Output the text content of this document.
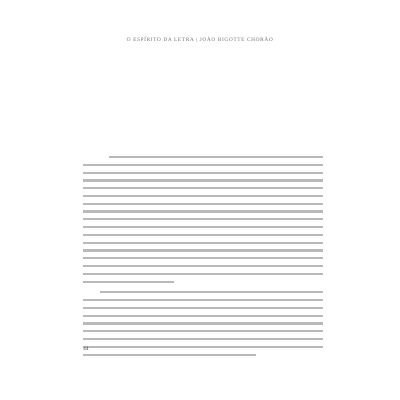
O ESPÍRITO DA LETRA | JOÃO BIGOTTE CHORÃO
44
